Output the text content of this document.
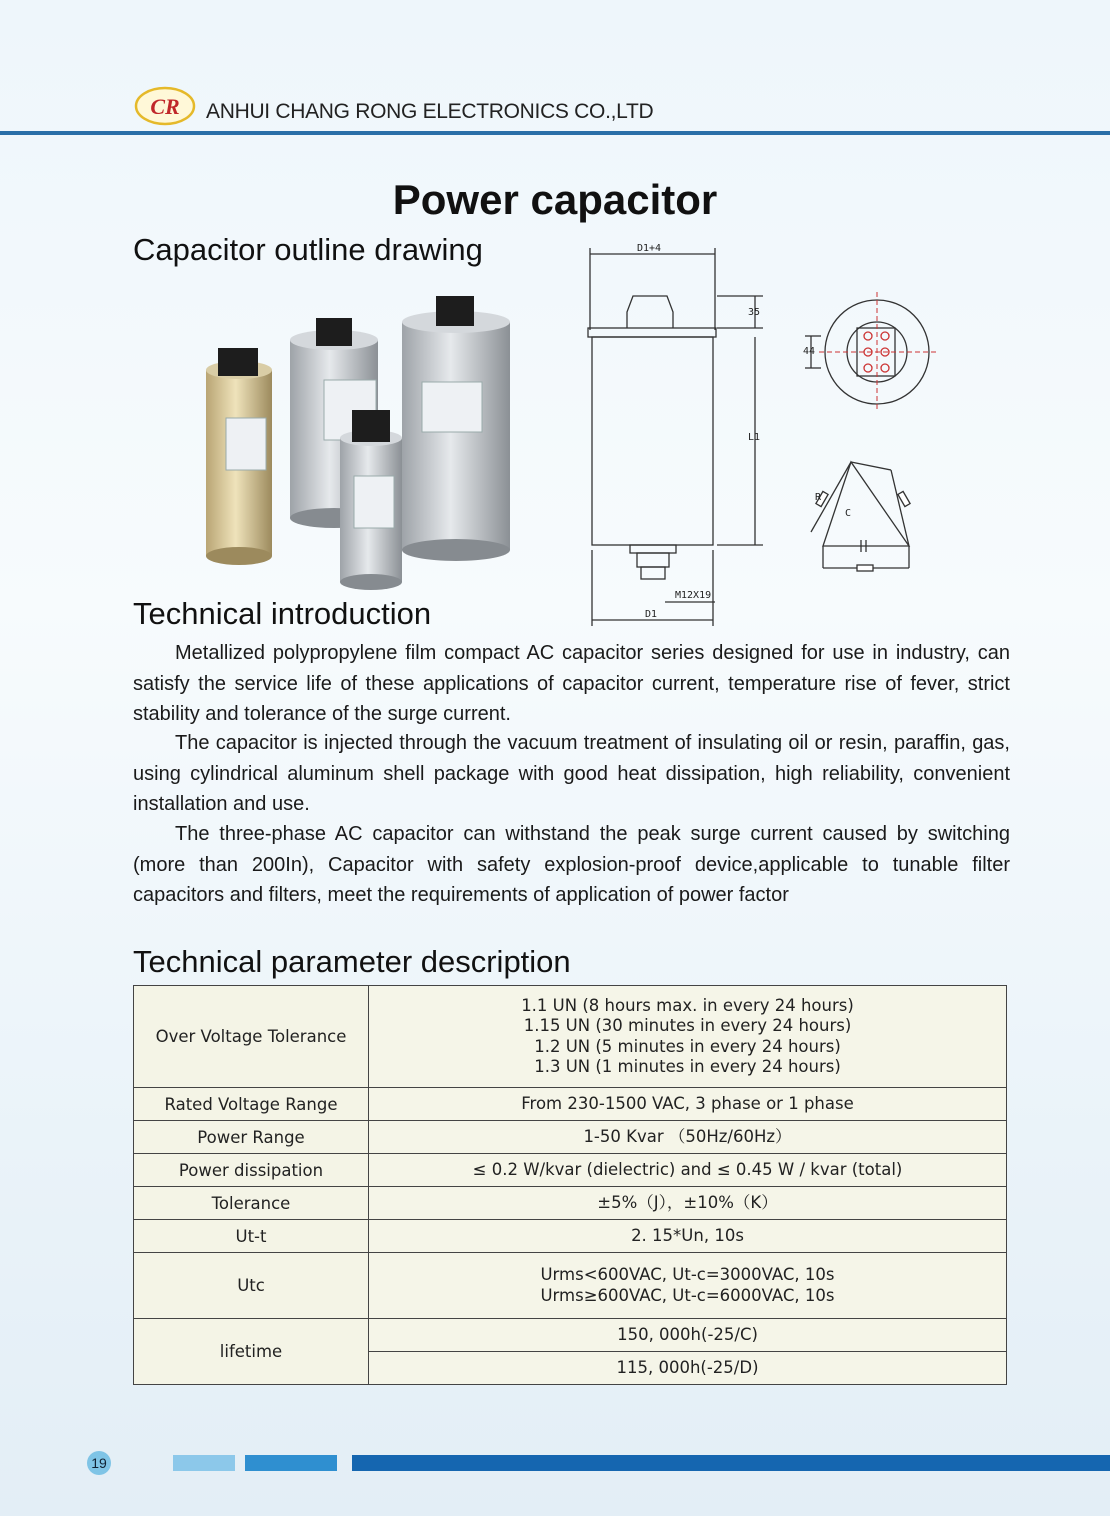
CR ANHUI CHANG RONG ELECTRONICS CO.,LTD
Power capacitor
Capacitor outline drawing	D1+4
35
L1
44
M12X19
D1
R
C
Technical introduction

Metallized polypropylene film compact AC capacitor series designed for use in industry, can satisfy the service life of these applications of capacitor current, temperature rise of fever, strict stability and tolerance of the surge current.

The capacitor is injected through the vacuum treatment of insulating oil or resin, paraffin, gas, using cylindrical aluminum shell package with good heat dissipation, high reliability, convenient installation and use.

The three-phase AC capacitor can withstand the peak surge current caused by switching (more than 200In), Capacitor with safety explosion-proof device,applicable to tunable filter capacitors and filters, meet the requirements of application of power factor

Technical parameter description
Over Voltage Tolerance	1.1 UN (8 hours max. in every 24 hours)
1.15 UN (30 minutes in every 24 hours)
1.2 UN (5 minutes in every 24 hours)
1.3 UN (1 minutes in every 24 hours)

Rated Voltage Range	From 230-1500 VAC, 3 phase or 1 phase
Power Range	1-50 Kvar （50Hz/60Hz）
Power dissipation	≤ 0.2 W/kvar (dielectric) and ≤ 0.45 W / kvar (total)
Tolerance	±5%（J），±10%（K）
Ut-t	2. 15*Un, 10s
Utc	Urms<600VAC, Ut-c=3000VAC, 10s
Urms≥600VAC, Ut-c=6000VAC, 10s

lifetime	150, 000h(-25/C)
	115, 000h(-25/D)
19
